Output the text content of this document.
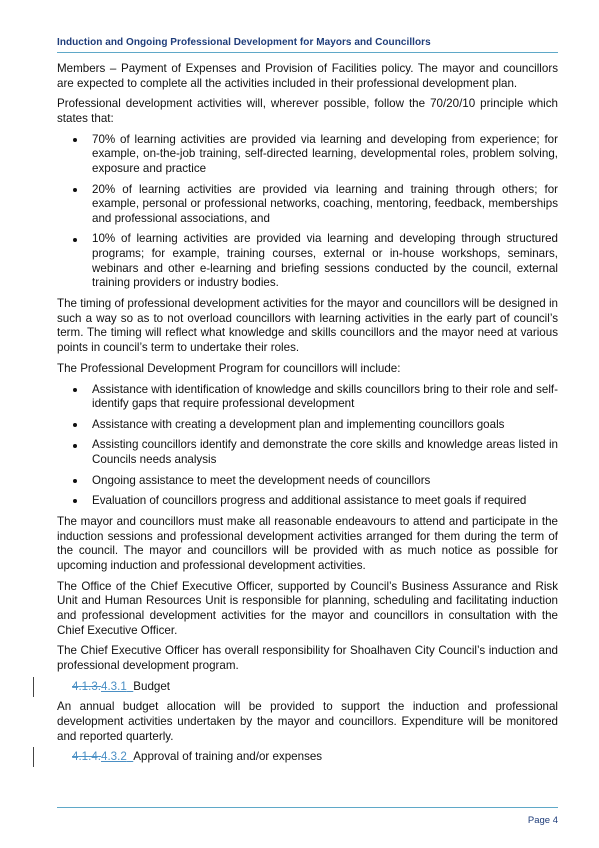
Induction and Ongoing Professional Development for Mayors and Councillors

Members – Payment of Expenses and Provision of Facilities policy. The mayor and councillors are expected to complete all the activities included in their professional development plan.

Professional development activities will, wherever possible, follow the 70/20/10 principle which states that:

70% of learning activities are provided via learning and developing from experience; for example, on-the-job training, self-directed learning, developmental roles, problem solving, exposure and practice
20% of learning activities are provided via learning and training through others; for example, personal or professional networks, coaching, mentoring, feedback, memberships and professional associations, and
10% of learning activities are provided via learning and developing through structured programs; for example, training courses, external or in-house workshops, seminars, webinars and other e-learning and briefing sessions conducted by the council, external training providers or industry bodies.

The timing of professional development activities for the mayor and councillors will be designed in such a way so as to not overload councillors with learning activities in the early part of council’s term. The timing will reflect what knowledge and skills councillors and the mayor need at various points in council’s term to undertake their roles.

The Professional Development Program for councillors will include:

Assistance with identification of knowledge and skills councillors bring to their role and self-identify gaps that require professional development
Assistance with creating a development plan and implementing councillors goals
Assisting councillors identify and demonstrate the core skills and knowledge areas listed in Councils needs analysis
Ongoing assistance to meet the development needs of councillors
Evaluation of councillors progress and additional assistance to meet goals if required

The mayor and councillors must make all reasonable endeavours to attend and participate in the induction sessions and professional development activities arranged for them during the term of the council. The mayor and councillors will be provided with as much notice as possible for upcoming induction and professional development activities.

The Office of the Chief Executive Officer, supported by Council’s Business Assurance and Risk Unit and Human Resources Unit is responsible for planning, scheduling and facilitating induction and professional development activities for the mayor and councillors in consultation with the Chief Executive Officer.

The Chief Executive Officer has overall responsibility for Shoalhaven City Council’s induction and professional development program.

4.1.3.4.3.1 Budget

An annual budget allocation will be provided to support the induction and professional development activities undertaken by the mayor and councillors. Expenditure will be monitored and reported quarterly.

4.1.4.4.3.2 Approval of training and/or expenses
Page 4
